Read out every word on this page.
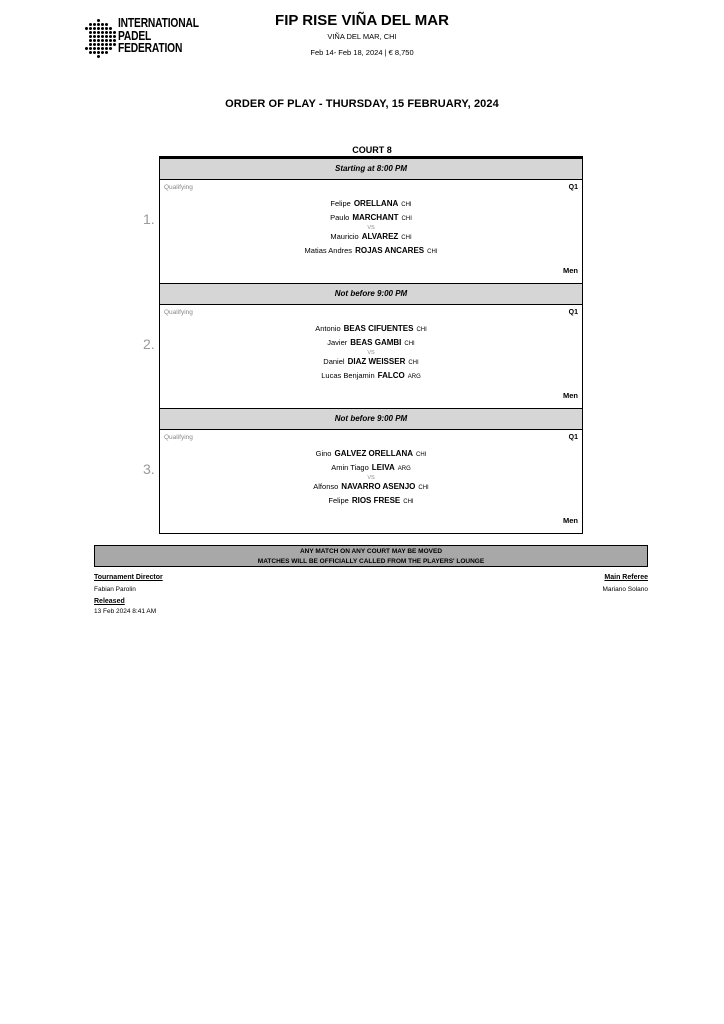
INTERNATIONAL
PADEL
FEDERATION
FIP RISE VIÑA DEL MAR
VIÑA DEL MAR, CHI
Feb 14- Feb 18, 2024 | € 8,750
ORDER OF PLAY - THURSDAY, 15 FEBRUARY, 2024
COURT 8
Starting at 8:00 PM
1.
Qualifying	Q1
Felipe ORELLANA CHI
Paulo MARCHANT CHI
VS
Mauricio ALVAREZ CHI
Matias Andres ROJAS ANCARES CHI
Men
Not before 9:00 PM
2.
Qualifying	Q1
Antonio BEAS CIFUENTES CHI
Javier BEAS GAMBI CHI
VS
Daniel DIAZ WEISSER CHI
Lucas Benjamin FALCO ARG
Men
Not before 9:00 PM
3.
Qualifying	Q1
Gino GALVEZ ORELLANA CHI
Amin Tiago LEIVA ARG
VS
Alfonso NAVARRO ASENJO CHI
Felipe RIOS FRESE CHI
Men
ANY MATCH ON ANY COURT MAY BE MOVED
MATCHES WILL BE OFFICIALLY CALLED FROM THE PLAYERS' LOUNGE
Tournament Director
Fabian Parolin
Main Referee
Mariano Solano
Released
13 Feb 2024 8:41 AM
